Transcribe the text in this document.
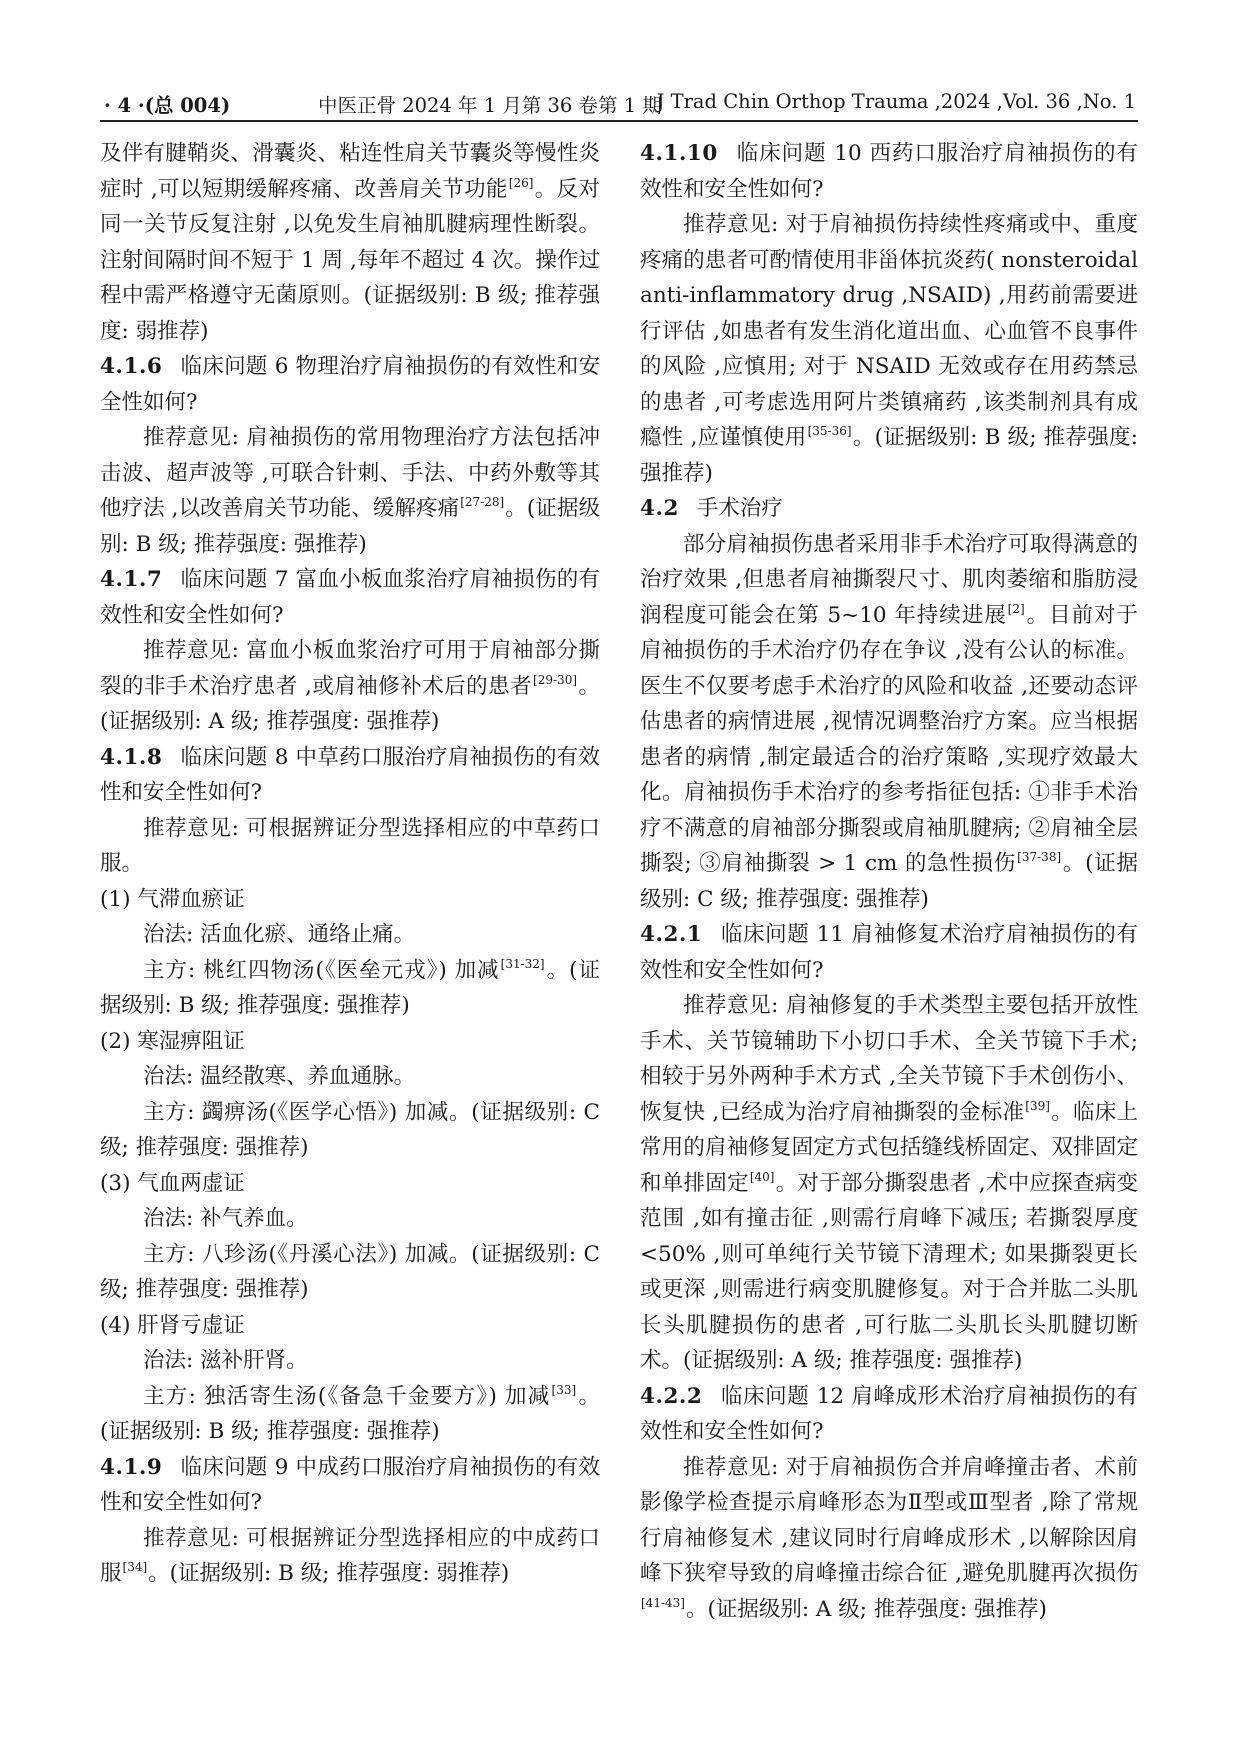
· 4 ·(总 004)	中医正骨 2024 年 1 月第 36 卷第 1 期
J Trad Chin Orthop Trauma ,2024 ,Vol. 36 ,No. 1

及伴有腱鞘炎、滑囊炎、粘连性肩关节囊炎等慢性炎症时 ,可以短期缓解疼痛、改善肩关节功能[26]。反对同一关节反复注射 ,以免发生肩袖肌腱病理性断裂。注射间隔时间不短于 1 周 ,每年不超过 4 次。操作过程中需严格遵守无菌原则。(证据级别: B 级; 推荐强度: 弱推荐)

4.1.6 临床问题 6 物理治疗肩袖损伤的有效性和安全性如何?

推荐意见: 肩袖损伤的常用物理治疗方法包括冲击波、超声波等 ,可联合针刺、手法、中药外敷等其他疗法 ,以改善肩关节功能、缓解疼痛[27-28]。(证据级别: B 级; 推荐强度: 强推荐)

4.1.7 临床问题 7 富血小板血浆治疗肩袖损伤的有效性和安全性如何?

推荐意见: 富血小板血浆治疗可用于肩袖部分撕裂的非手术治疗患者 ,或肩袖修补术后的患者[29-30]。(证据级别: A 级; 推荐强度: 强推荐)

4.1.8 临床问题 8 中草药口服治疗肩袖损伤的有效性和安全性如何?

推荐意见: 可根据辨证分型选择相应的中草药口服。

(1) 气滞血瘀证

治法: 活血化瘀、通络止痛。

主方: 桃红四物汤(《医垒元戎》) 加减[31-32]。(证据级别: B 级; 推荐强度: 强推荐)

(2) 寒湿痹阻证

治法: 温经散寒、养血通脉。

主方: 蠲痹汤(《医学心悟》) 加减。(证据级别: C 级; 推荐强度: 强推荐)

(3) 气血两虚证

治法: 补气养血。

主方: 八珍汤(《丹溪心法》) 加减。(证据级别: C 级; 推荐强度: 强推荐)

(4) 肝肾亏虚证

治法: 滋补肝肾。

主方: 独活寄生汤(《备急千金要方》) 加减[33]。(证据级别: B 级; 推荐强度: 强推荐)

4.1.9 临床问题 9 中成药口服治疗肩袖损伤的有效性和安全性如何?

推荐意见: 可根据辨证分型选择相应的中成药口服[34]。(证据级别: B 级; 推荐强度: 弱推荐)

4.1.10 临床问题 10 西药口服治疗肩袖损伤的有效性和安全性如何?

推荐意见: 对于肩袖损伤持续性疼痛或中、重度疼痛的患者可酌情使用非甾体抗炎药( nonsteroidal anti-inflammatory drug ,NSAID) ,用药前需要进行评估 ,如患者有发生消化道出血、心血管不良事件的风险 ,应慎用; 对于 NSAID 无效或存在用药禁忌的患者 ,可考虑选用阿片类镇痛药 ,该类制剂具有成瘾性 ,应谨慎使用[35-36]。(证据级别: B 级; 推荐强度: 强推荐)

4.2 手术治疗

部分肩袖损伤患者采用非手术治疗可取得满意的治疗效果 ,但患者肩袖撕裂尺寸、肌肉萎缩和脂肪浸润程度可能会在第 5~10 年持续进展[2]。目前对于肩袖损伤的手术治疗仍存在争议 ,没有公认的标准。医生不仅要考虑手术治疗的风险和收益 ,还要动态评估患者的病情进展 ,视情况调整治疗方案。应当根据患者的病情 ,制定最适合的治疗策略 ,实现疗效最大化。肩袖损伤手术治疗的参考指征包括: ①非手术治疗不满意的肩袖部分撕裂或肩袖肌腱病; ②肩袖全层撕裂; ③肩袖撕裂 > 1 cm 的急性损伤[37-38]。(证据级别: C 级; 推荐强度: 强推荐)

4.2.1 临床问题 11 肩袖修复术治疗肩袖损伤的有效性和安全性如何?

推荐意见: 肩袖修复的手术类型主要包括开放性手术、关节镜辅助下小切口手术、全关节镜下手术; 相较于另外两种手术方式 ,全关节镜下手术创伤小、恢复快 ,已经成为治疗肩袖撕裂的金标准[39]。临床上常用的肩袖修复固定方式包括缝线桥固定、双排固定和单排固定[40]。对于部分撕裂患者 ,术中应探查病变范围 ,如有撞击征 ,则需行肩峰下减压; 若撕裂厚度 <50% ,则可单纯行关节镜下清理术; 如果撕裂更长或更深 ,则需进行病变肌腱修复。对于合并肱二头肌长头肌腱损伤的患者 ,可行肱二头肌长头肌腱切断术。(证据级别: A 级; 推荐强度: 强推荐)

4.2.2 临床问题 12 肩峰成形术治疗肩袖损伤的有效性和安全性如何?

推荐意见: 对于肩袖损伤合并肩峰撞击者、术前影像学检查提示肩峰形态为Ⅱ型或Ⅲ型者 ,除了常规行肩袖修复术 ,建议同时行肩峰成形术 ,以解除因肩峰下狭窄导致的肩峰撞击综合征 ,避免肌腱再次损伤[41-43]。(证据级别: A 级; 推荐强度: 强推荐)
